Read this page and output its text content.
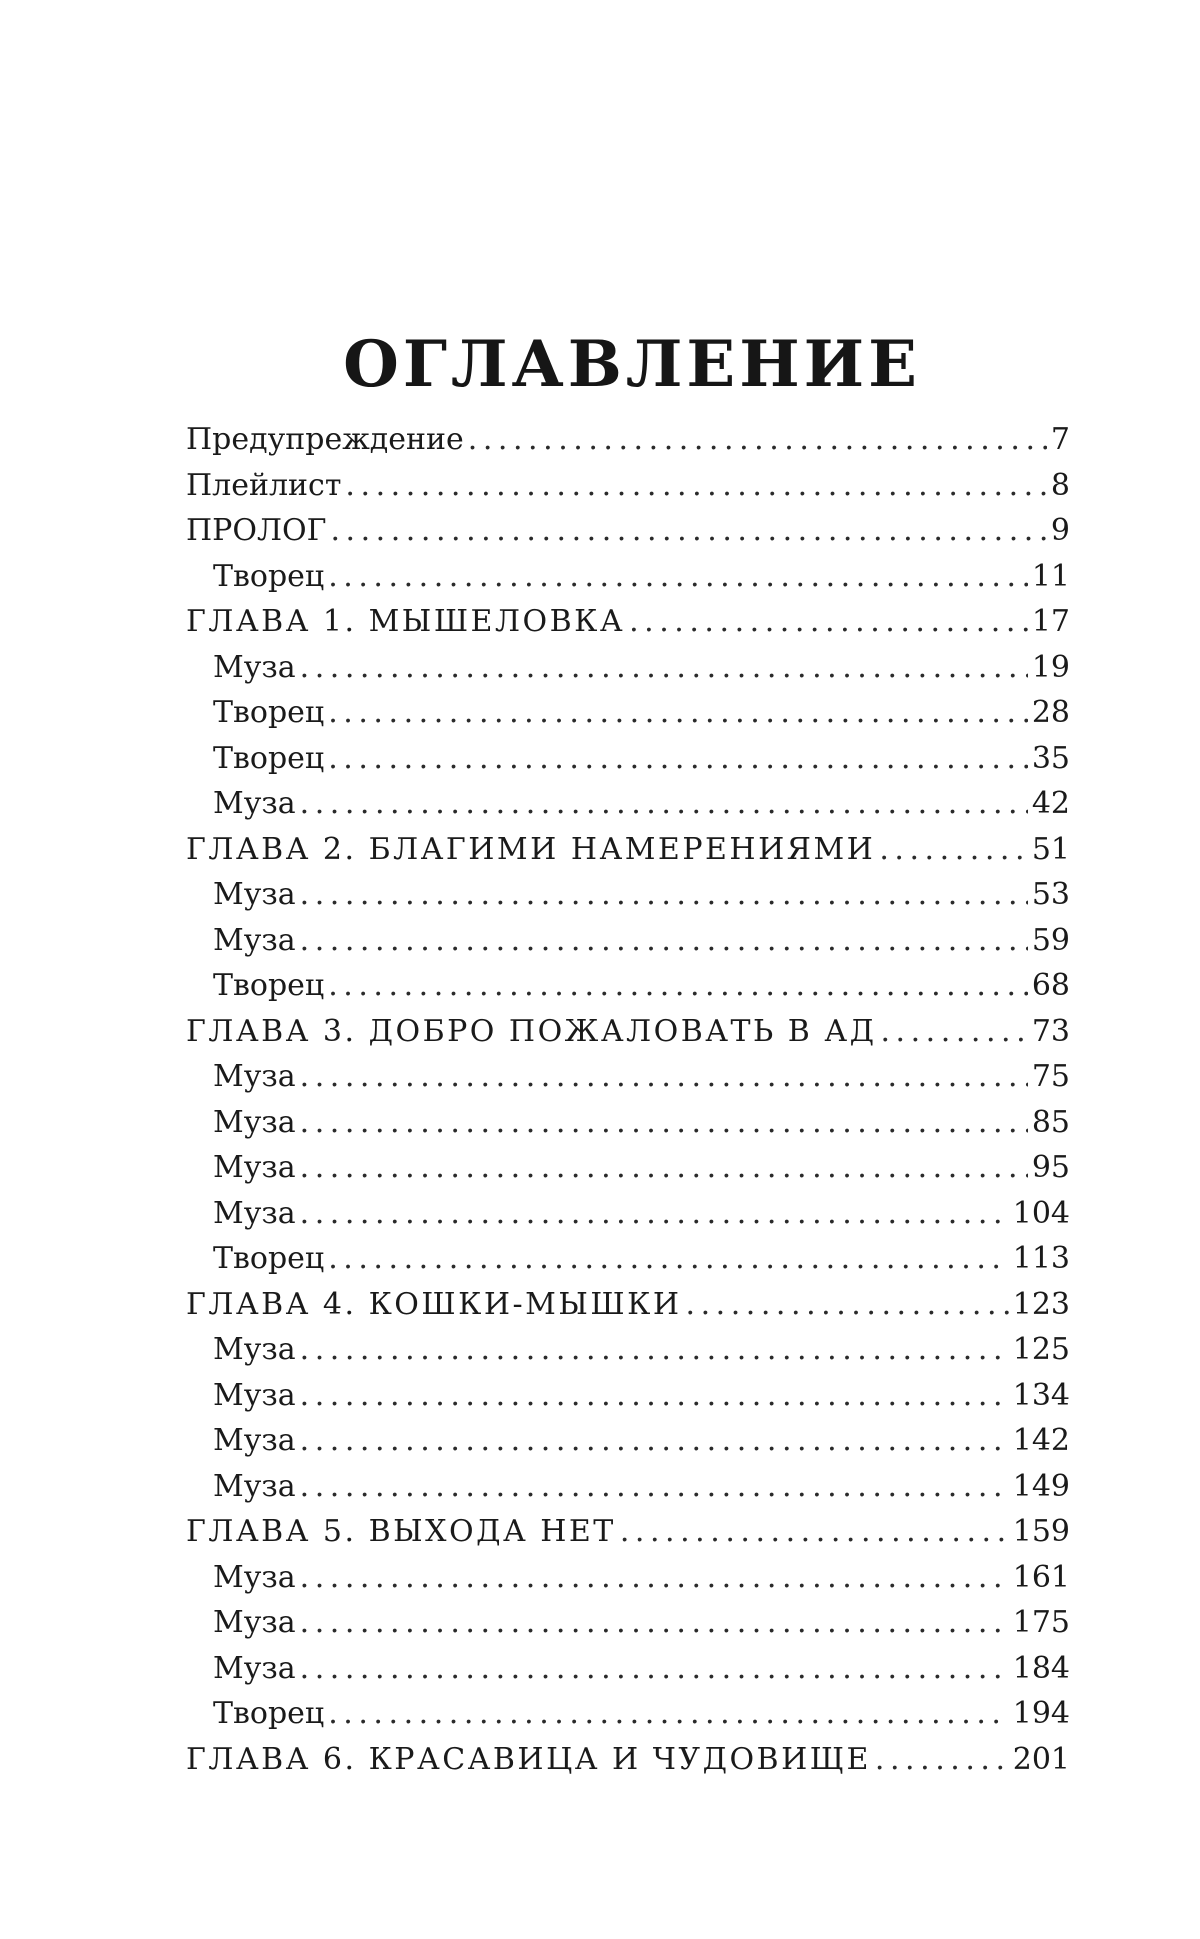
ОГЛАВЛЕНИЕ
Предупреждение . . .	7
Плейлист . . .	8
ПРОЛОГ . . .	9
Творец . . .	11
ГЛАВА 1. МЫШЕЛОВКА . . .	17
Муза . . .	19
Творец . . .	28
Творец . . .	35
Муза . . .	42
ГЛАВА 2. БЛАГИМИ НАМЕРЕНИЯМИ . . .	51
Муза . . .	53
Муза . . .	59
Творец . . .	68
ГЛАВА 3. ДОБРО ПОЖАЛОВАТЬ В АД . . .	73
Муза . . .	75
Муза . . .	85
Муза . . .	95
Муза . . .	104
Творец . . .	113
ГЛАВА 4. КОШКИ-МЫШКИ . . .	123
Муза . . .	125
Муза . . .	134
Муза . . .	142
Муза . . .	149
ГЛАВА 5. ВЫХОДА НЕТ . . .	159
Муза . . .	161
Муза . . .	175
Муза . . .	184
Творец . . .	194
ГЛАВА 6. КРАСАВИЦА И ЧУДОВИЩЕ . . .	201
